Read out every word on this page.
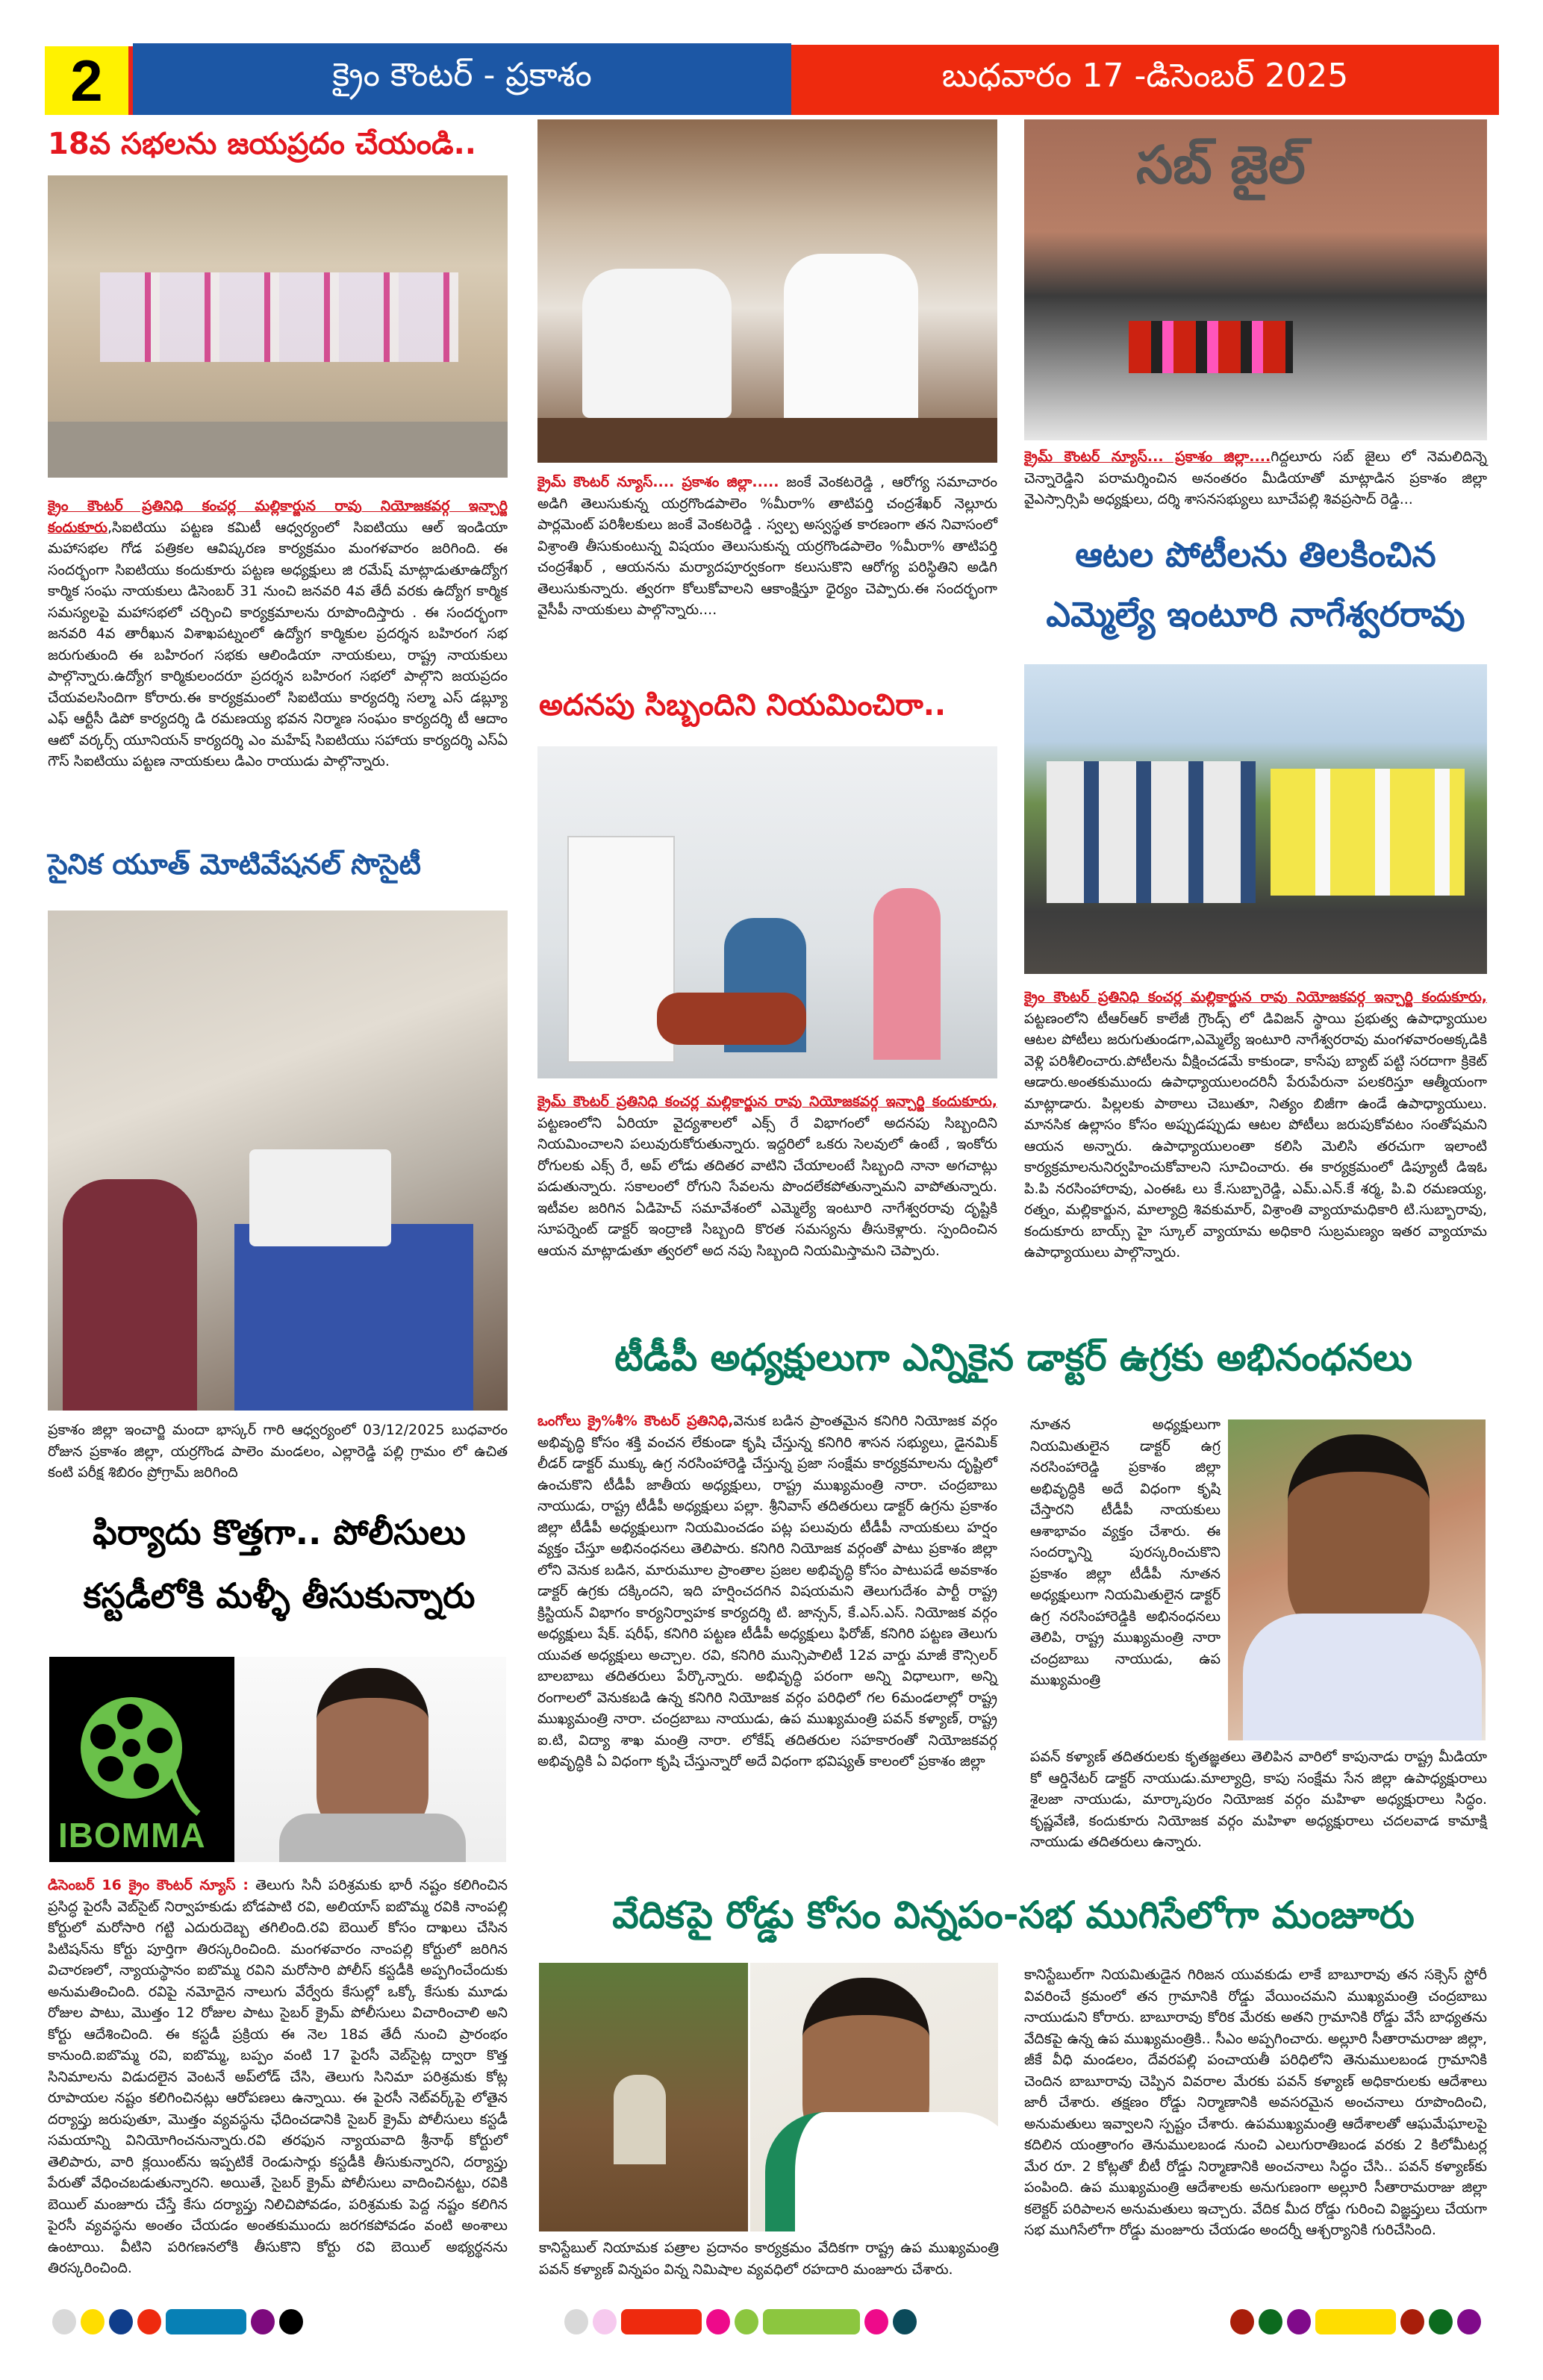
2	క్రైం కౌంటర్ - ప్రకాశం	బుధవారం 17 -డిసెంబర్ 2025
18వ సభలను జయప్రదం చేయండి..
క్రైం కౌంటర్ ప్రతినిధి కంచర్ల మల్లికార్జున రావు నియోజకవర్గ ఇన్చార్జి కందుకూరు,సిఐటియు పట్టణ కమిటీ ఆధ్వర్యంలో సిఐటియు ఆల్ ఇండియా మహాసభల గోడ పత్రికల ఆవిష్కరణ కార్యక్రమం మంగళవారం జరిగింది. ఈ సందర్భంగా సిఐటియు కందుకూరు పట్టణ అధ్యక్షులు జి రమేష్ మాట్లాడుతూఉద్యోగ కార్మిక సంఘ నాయకులు డిసెంబర్ 31 నుంచి జనవరి 4వ తేదీ వరకు ఉద్యోగ కార్మిక సమస్యలపై మహాసభలో చర్చించి కార్యక్రమాలను రూపొందిస్తారు . ఈ సందర్భంగా జనవరి 4వ తారీఖున విశాఖపట్నంలో ఉద్యోగ కార్మికుల ప్రదర్శన బహిరంగ సభ జరుగుతుంది ఈ బహిరంగ సభకు ఆలిండియా నాయకులు, రాష్ట్ర నాయకులు పాల్గొన్నారు.ఉద్యోగ కార్మికులందరూ ప్రదర్శన బహిరంగ సభలో పాల్గొని జయప్రదం చేయవలసిందిగా కోరారు.ఈ కార్యక్రమంలో సిఐటియు కార్యదర్శి సల్మా ఎస్ డబ్ల్యూ ఎఫ్ ఆర్టీసీ డిపో కార్యదర్శి డి రమణయ్య భవన నిర్మాణ సంఘం కార్యదర్శి టీ ఆదాం ఆటో వర్కర్స్ యూనియన్ కార్యదర్శి ఎం మహేష్ సిఐటియు సహాయ కార్యదర్శి ఎస్ఏ గౌస్ సిఐటియు పట్టణ నాయకులు డిఎం రాయుడు పాల్గొన్నారు.
సైనిక యూత్ మోటివేషనల్ సొసైటీ
ప్రకాశం జిల్లా ఇంచార్జి మందా భాస్కర్ గారి ఆధ్వర్యంలో 03/12/2025 బుధవారం రోజున ప్రకాశం జిల్లా, యర్రగొండ పాలెం మండలం, ఎల్లారెడ్డి పల్లి గ్రామం లో ఉచిత కంటి పరీక్ష శిబిరం ప్రోగ్రామ్ జరిగింది
ఫిర్యాదు కొత్తగా.. పోలీసులు
కస్టడీలోకి మళ్ళీ తీసుకున్నారు
IBOMMA
డిసెంబర్ 16 క్రైం కౌంటర్ న్యూస్ : తెలుగు సినీ పరిశ్రమకు భారీ నష్టం కలిగించిన ప్రసిద్ధ పైరసీ వెబ్‌సైట్ నిర్వాహకుడు బోడపాటి రవి, అలియాస్ ఐబొమ్మ రవికి నాంపల్లి కోర్టులో మరోసారి గట్టి ఎదురుదెబ్బ తగిలింది.రవి బెయిల్ కోసం దాఖలు చేసిన పిటిషన్‌ను కోర్టు పూర్తిగా తిరస్కరించింది. మంగళవారం నాంపల్లి కోర్టులో జరిగిన విచారణలో, న్యాయస్థానం ఐబొమ్మ రవిని మరోసారి పోలీస్ కస్టడీకి అప్పగించేందుకు అనుమతించింది. రవిపై నమోదైన నాలుగు వేర్వేరు కేసుల్లో ఒక్కో కేసుకు మూడు రోజుల పాటు, మొత్తం 12 రోజుల పాటు సైబర్ క్రైమ్ పోలీసులు విచారించాలి అని కోర్టు ఆదేశించింది. ఈ కస్టడీ ప్రక్రియ ఈ నెల 18వ తేదీ నుంచి ప్రారంభం కానుంది.ఐబొమ్మ రవి, ఐబొమ్మ, బప్పం వంటి 17 పైరసీ వెబ్‌సైట్ల ద్వారా కొత్త సినిమాలను విడుదలైన వెంటనే అప్‌లోడ్ చేసి, తెలుగు సినిమా పరిశ్రమకు కోట్ల రూపాయల నష్టం కలిగించినట్లు ఆరోపణలు ఉన్నాయి. ఈ పైరసీ నెట్‌వర్క్‌పై లోతైన దర్యాప్తు జరుపుతూ, మొత్తం వ్యవస్థను ఛేదించడానికి సైబర్ క్రైమ్ పోలీసులు కస్టడీ సమయాన్ని వినియోగించనున్నారు.రవి తరఫున న్యాయవాది శ్రీనాథ్ కోర్టులో తెలిపారు, వారి క్లయింట్‌ను ఇప్పటికే రెండుసార్లు కస్టడీకి తీసుకున్నారని, దర్యాప్తు పేరుతో వేధించబడుతున్నారని. అయితే, సైబర్ క్రైమ్ పోలీసులు వాదించినట్టు, రవికి బెయిల్ మంజూరు చేస్తే కేసు దర్యాప్తు నిలిచిపోవడం, పరిశ్రమకు పెద్ద నష్టం కలిగిన పైరసీ వ్యవస్థను అంతం చేయడం అంతకుముందు జరగకపోవడం వంటి అంశాలు ఉంటాయి. వీటిని పరిగణనలోకి తీసుకొని కోర్టు రవి బెయిల్ అభ్యర్థనను తిరస్కరించింది.
క్రైమ్ కౌంటర్ న్యూస్.... ప్రకాశం జిల్లా..... జంకే వెంకటరెడ్డి , ఆరోగ్య సమాచారం అడిగి తెలుసుకున్న యర్రగొండపాలెం %మీరా% తాటిపర్తి చంద్రశేఖర్ నెల్లూరు పార్లమెంట్ పరిశీలకులు జంకే వెంకటరెడ్డి . స్వల్ప అస్వస్థత కారణంగా తన నివాసంలో విశ్రాంతి తీసుకుంటున్న విషయం తెలుసుకున్న యర్రగొండపాలెం %మీరా% తాటిపర్తి చంద్రశేఖర్ , ఆయనను మర్యాదపూర్వకంగా కలుసుకొని ఆరోగ్య పరిస్థితిని అడిగి తెలుసుకున్నారు. త్వరగా కోలుకోవాలని ఆకాంక్షిస్తూ ధైర్యం చెప్పారు.ఈ సందర్భంగా వైసీపీ నాయకులు పాల్గొన్నారు....
అదనపు సిబ్బందిని నియమించిరా..
క్రైమ్ కౌంటర్ ప్రతినిధి కంచర్ల మల్లికార్జున రావు నియోజకవర్గ ఇన్చార్జి కందుకూరు, పట్టణంలోని ఏరియా వైద్యశాలలో ఎక్స్ రే విభాగంలో అదనపు సిబ్బందిని నియమించాలని పలువురుకోరుతున్నారు. ఇద్దరిలో ఒకరు సెలవులో ఉంటే , ఇంకోరు రోగులకు ఎక్స్ రే, అప్ లోడు తదితర వాటిని చేయాలంటే సిబ్బంది నానా అగచాట్లు పడుతున్నారు. సకాలంలో రోగుని సేవలను పొందలేకపోతున్నామని వాపోతున్నారు. ఇటీవల జరిగిన ఏడిహెచ్ సమావేశంలో ఎమ్మెల్యే ఇంటూరి నాగేశ్వరరావు దృష్టికి సూపర్నెంట్ డాక్టర్ ఇంద్రాణి సిబ్బంది కొరత సమస్యను తీసుకెళ్లారు. స్పందించిన ఆయన మాట్లాడుతూ త్వరలో అద నపు సిబ్బంది నియమిస్తామని చెప్పారు.
సబ్ జైల్
క్రైమ్ కౌంటర్ న్యూస్... ప్రకాశం జిల్లా....గిద్దలూరు సబ్ జైలు లో నెమలిదిన్నె చెన్నారెడ్డిని పరామర్శించిన అనంతరం మీడియాతో మాట్లాడిన ప్రకాశం జిల్లా వైఎస్సార్సిపి అధ్యక్షులు, దర్శి శాసనసభ్యులు బూచేపల్లి శివప్రసాద్ రెడ్డి...
ఆటల పోటీలను తిలకించిన
ఎమ్మెల్యే ఇంటూరి నాగేశ్వరరావు
క్రైం కౌంటర్ ప్రతినిధి కంచర్ల మల్లికార్జున రావు నియోజకవర్గ ఇన్చార్జి కందుకూరు, పట్టణంలోని టీఆర్ఆర్ కాలేజీ గ్రౌండ్స్ లో డివిజన్ స్థాయి ప్రభుత్వ ఉపాధ్యాయుల ఆటల పోటీలు జరుగుతుండగా,ఎమ్మెల్యే ఇంటూరి నాగేశ్వరరావు మంగళవారంఅక్కడికి వెళ్లి పరిశీలించారు.పోటీలను వీక్షించడమే కాకుండా, కాసేపు బ్యాట్ పట్టి సరదాగా క్రికెట్ ఆడారు.అంతకుముందు ఉపాధ్యాయులందరినీ పేరుపేరునా పలకరిస్తూ ఆత్మీయంగా మాట్లాడారు. పిల్లలకు పాఠాలు చెబుతూ, నిత్యం బిజీగా ఉండే ఉపాధ్యాయులు. మానసిక ఉల్లాసం కోసం అప్పుడప్పుడు ఆటల పోటీలు జరుపుకోవటం సంతోషమని ఆయన అన్నారు. ఉపాధ్యాయులంతా కలిసి మెలిసి తరచుగా ఇలాంటి కార్యక్రమాలనునిర్వహించుకోవాలని సూచించారు. ఈ కార్యక్రమంలో డిప్యూటీ డిఇఓ పి.పి నరసింహారావు, ఎంఈఓ లు కే.సుబ్బారెడ్డి, ఎమ్.ఎన్.కే శర్మ, పి.వి రమణయ్య, రత్నం, మల్లికార్జున, మాల్యాద్రి శివకుమార్, విశ్రాంతి వ్యాయామధికారి టి.సుబ్బారావు, కందుకూరు బాయ్స్ హై స్కూల్ వ్యాయామ అధికారి సుబ్రమణ్యం ఇతర వ్యాయామ ఉపాధ్యాయులు పాల్గొన్నారు.
టీడీపీ అధ్యక్షులుగా ఎన్నికైన డాక్టర్ ఉగ్రకు అభినంధనలు
ఒంగోలు క్రై%శీ% కౌంటర్ ప్రతినిధి,వెనుక బడిన ప్రాంతమైన కనిగిరి నియోజక వర్గం అభివృద్ధి కోసం శక్తి వంచన లేకుండా కృషి చేస్తున్న కనిగిరి శాసన సభ్యులు, డైనమిక్ లీడర్ డాక్టర్ ముక్కు ఉగ్ర నరసింహారెడ్డి చేస్తున్న ప్రజా సంక్షేమ కార్యక్రమాలను దృష్టిలో ఉంచుకొని టీడీపీ జాతీయ అధ్యక్షులు, రాష్ట్ర ముఖ్యమంత్రి నారా. చంద్రబాబు నాయుడు, రాష్ట్ర టీడీపీ అధ్యక్షులు పల్లా. శ్రీనివాస్ తదితరులు డాక్టర్ ఉగ్రను ప్రకాశం జిల్లా టీడీపీ అధ్యక్షులుగా నియమించడం పట్ల పలువురు టీడీపీ నాయకులు హర్షం వ్యక్తం చేస్తూ అభినంధనలు తెలిపారు. కనిగిరి నియోజక వర్గంతో పాటు ప్రకాశం జిల్లా లోని వెనుక బడిన, మారుమూల ప్రాంతాల ప్రజల అభివృద్ధి కోసం పాటుపడే అవకాశం డాక్టర్ ఉగ్రకు దక్కిందని, ఇది హర్షించదగిన విషయమని తెలుగుదేశం పార్టీ రాష్ట్ర క్రిస్టియన్ విభాగం కార్యనిర్వాహక కార్యదర్శి టి. జాన్సన్, కే.ఎస్.ఎస్. నియోజక వర్గం అధ్యక్షులు షేక్. షరీఫ్, కనిగిరి పట్టణ టీడీపీ అధ్యక్షులు ఫిరోజ్, కనిగిరి పట్టణ తెలుగు యువత అధ్యక్షులు అచ్చాల. రవి, కనిగిరి మున్సిపాలిటీ 12వ వార్డు మాజీ కౌన్సిలర్ బాలబాబు తదితరులు పేర్కొన్నారు. అభివృద్ధి పరంగా అన్ని విధాలుగా, అన్ని రంగాలలో వెనుకబడి ఉన్న కనిగిరి నియోజక వర్గం పరిధిలో గల 6మండలాల్లో రాష్ట్ర ముఖ్యమంత్రి నారా. చంద్రబాబు నాయుడు, ఉప ముఖ్యమంత్రి పవన్ కళ్యాణ్, రాష్ట్ర ఐ.టి, విద్యా శాఖ మంత్రి నారా. లోకేష్ తదితరుల సహకారంతో నియోజకవర్గ అభివృద్ధికి ఏ విధంగా కృషి చేస్తున్నారో అదే విధంగా భవిష్యత్ కాలంలో ప్రకాశం జిల్లా
నూతన అధ్యక్షులుగా నియమితులైన డాక్టర్ ఉగ్ర నరసింహారెడ్డి ప్రకాశం జిల్లా అభివృద్ధికి అదే విధంగా కృషి చేస్తారని టీడీపీ నాయకులు ఆశాభావం వ్యక్తం చేశారు. ఈ సందర్భాన్ని పురస్కరించుకొని ప్రకాశం జిల్లా టీడీపీ నూతన అధ్యక్షులుగా నియమితులైన డాక్టర్ ఉగ్ర నరసింహారెడ్డికి అభినంధనలు తెలిపి, రాష్ట్ర ముఖ్యమంత్రి నారా చంద్రబాబు నాయుడు, ఉప ముఖ్యమంత్రి
పవన్ కళ్యాణ్ తదితరులకు కృతజ్ఞతలు తెలిపిన వారిలో కాపునాడు రాష్ట్ర మీడియా కో ఆర్డినేటర్ డాక్టర్ నాయుడు.మాల్యాద్రి, కాపు సంక్షేమ సేన జిల్లా ఉపాధ్యక్షురాలు శైలజా నాయుడు, మార్కాపురం నియోజక వర్గం మహిళా అధ్యక్షురాలు సిద్ధం. కృష్ణవేణి, కందుకూరు నియోజక వర్గం మహిళా అధ్యక్షురాలు చదలవాడ కామాక్షి నాయుడు తదితరులు ఉన్నారు.
వేదికపై రోడ్డు కోసం విన్నపం-సభ ముగిసేలోగా మంజూరు
కానిస్టేబుల్ నియామక పత్రాల ప్రదానం కార్యక్రమం వేదికగా రాష్ట్ర ఉప ముఖ్యమంత్రి పవన్ కళ్యాణ్ విన్నపం విన్న నిమిషాల వ్యవధిలో రహదారి మంజూరు చేశారు.
కానిస్టేబుల్‌గా నియమితుడైన గిరిజన యువకుడు లాకే బాబూరావు తన సక్సెస్ స్టోరీ వివరించే క్రమంలో తన గ్రామానికి రోడ్డు వేయించమని ముఖ్యమంత్రి చంద్రబాబు నాయుడుని కోరారు. బాబూరావు కోరిక మేరకు అతని గ్రామానికి రోడ్డు వేసే బాధ్యతను వేదికపై ఉన్న ఉప ముఖ్యమంత్రికి.. సీఎం అప్పగించారు. అల్లూరి సీతారామరాజు జిల్లా, జీకే వీధి మండలం, దేవరపల్లి పంచాయతీ పరిధిలోని తెనుములబండ గ్రామానికి చెందిన బాబూరావు చెప్పిన వివరాల మేరకు పవన్ కళ్యాణ్ అధికారులకు ఆదేశాలు జారీ చేశారు. తక్షణం రోడ్డు నిర్మాణానికి అవసరమైన అంచనాలు రూపొందించి, అనుమతులు ఇవ్వాలని స్పష్టం చేశారు. ఉపముఖ్యమంత్రి ఆదేశాలతో ఆఘమేఘాలపై కదిలిన యంత్రాంగం తెనుములబండ నుంచి ఎలుగురాతిబండ వరకు 2 కిలోమీటర్ల మేర రూ. 2 కోట్లతో బీటీ రోడ్డు నిర్మాణానికి అంచనాలు సిద్ధం చేసి.. పవన్ కళ్యాణ్‌కు పంపింది. ఉప ముఖ్యమంత్రి ఆదేశాలకు అనుగుణంగా అల్లూరి సీతారామరాజు జిల్లా కలెక్టర్ పరిపాలన అనుమతులు ఇచ్చారు. వేదిక మీద రోడ్డు గురించి విజ్ఞప్తులు చేయగా సభ ముగిసేలోగా రోడ్డు మంజూరు చేయడం అందర్నీ ఆశ్చర్యానికి గురిచేసింది.
